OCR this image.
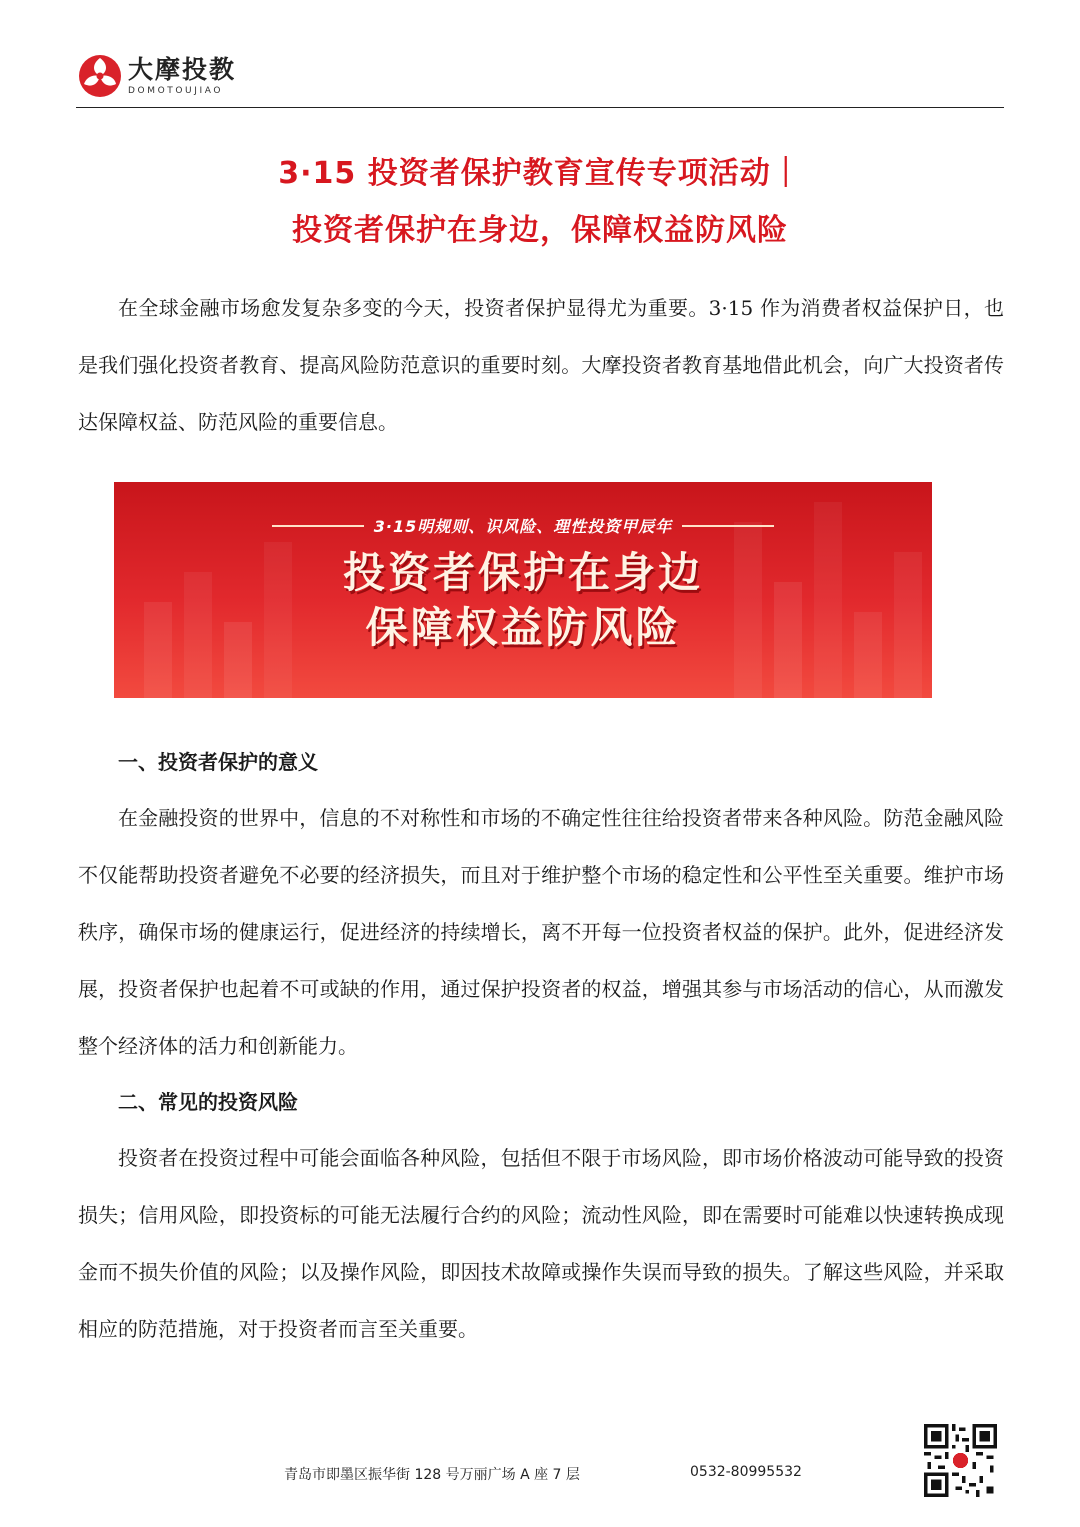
大摩投教
DOMOTOUJIAO
3·15 投资者保护教育宣传专项活动｜
投资者保护在身边，保障权益防风险
在全球金融市场愈发复杂多变的今天，投资者保护显得尤为重要。3·15 作为消费者权益保护日，也是我们强化投资者教育、提高风险防范意识的重要时刻。大摩投资者教育基地借此机会，向广大投资者传达保障权益、防范风险的重要信息。
3·15明规则、识风险、理性投资甲辰年
投资者保护在身边
保障权益防风险
一、投资者保护的意义
在金融投资的世界中，信息的不对称性和市场的不确定性往往给投资者带来各种风险。防范金融风险不仅能帮助投资者避免不必要的经济损失，而且对于维护整个市场的稳定性和公平性至关重要。维护市场秩序，确保市场的健康运行，促进经济的持续增长，离不开每一位投资者权益的保护。此外，促进经济发展，投资者保护也起着不可或缺的作用，通过保护投资者的权益，增强其参与市场活动的信心，从而激发整个经济体的活力和创新能力。
二、常见的投资风险
投资者在投资过程中可能会面临各种风险，包括但不限于市场风险，即市场价格波动可能导致的投资损失；信用风险，即投资标的可能无法履行合约的风险；流动性风险，即在需要时可能难以快速转换成现金而不损失价值的风险；以及操作风险，即因技术故障或操作失误而导致的损失。了解这些风险，并采取相应的防范措施，对于投资者而言至关重要。
青岛市即墨区振华街 128 号万丽广场 A 座 7 层	0532-80995532
